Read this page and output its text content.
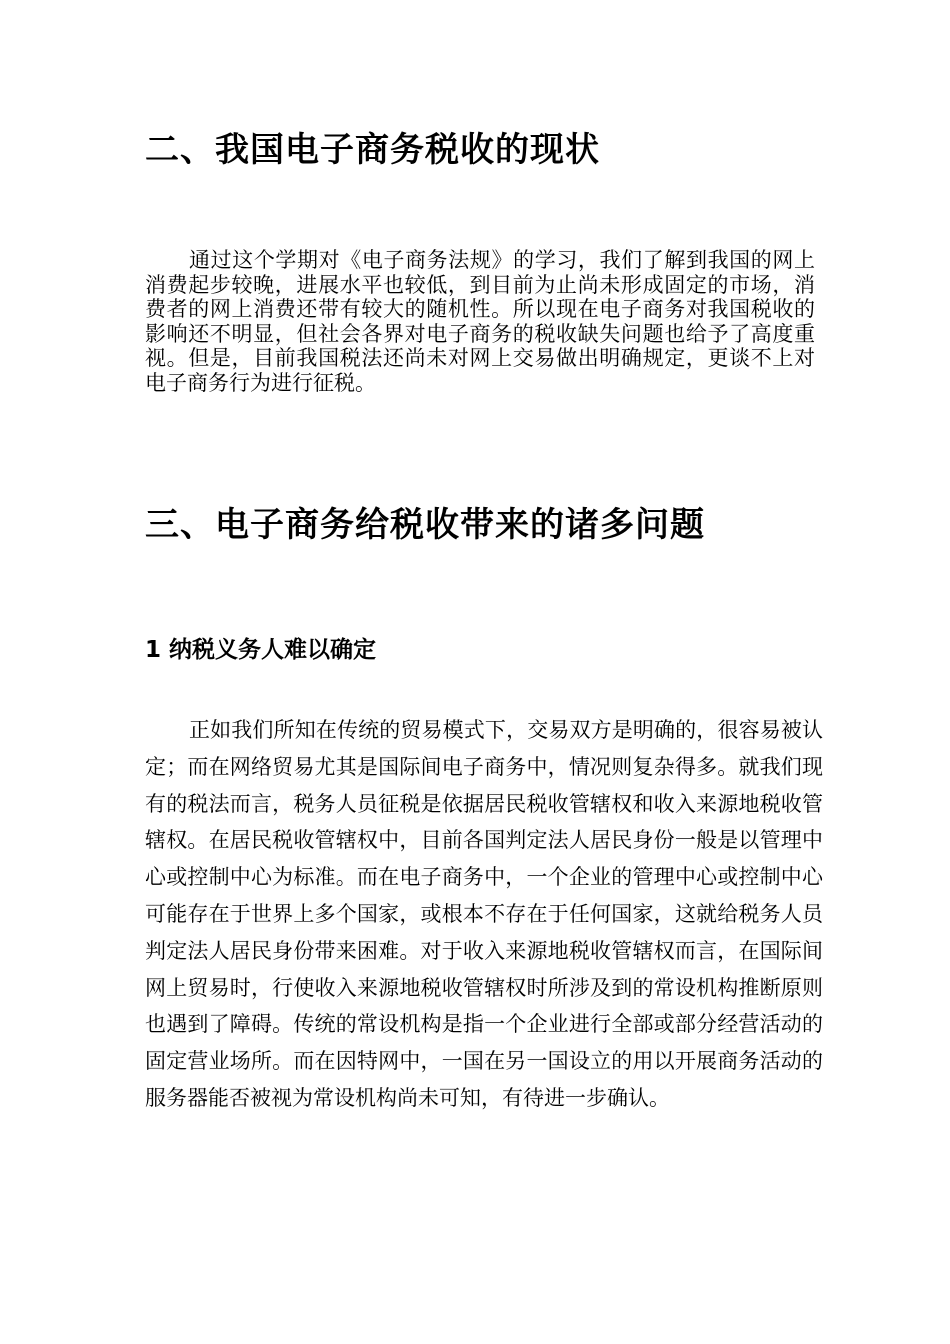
二、我国电子商务税收的现状

通过这个学期对《电子商务法规》的学习，我们了解到我国的网上消费起步较晚，进展水平也较低，到目前为止尚未形成固定的市场，消费者的网上消费还带有较大的随机性。所以现在电子商务对我国税收的影响还不明显，但社会各界对电子商务的税收缺失问题也给予了高度重视。但是，目前我国税法还尚未对网上交易做出明确规定，更谈不上对电子商务行为进行征税。

三、电子商务给税收带来的诸多问题
1 纳税义务人难以确定

正如我们所知在传统的贸易模式下，交易双方是明确的，很容易被认定；而在网络贸易尤其是国际间电子商务中，情况则复杂得多。就我们现有的税法而言，税务人员征税是依据居民税收管辖权和收入来源地税收管辖权。在居民税收管辖权中，目前各国判定法人居民身份一般是以管理中心或控制中心为标准。而在电子商务中，一个企业的管理中心或控制中心可能存在于世界上多个国家，或根本不存在于任何国家，这就给税务人员判定法人居民身份带来困难。对于收入来源地税收管辖权而言，在国际间网上贸易时，行使收入来源地税收管辖权时所涉及到的常设机构推断原则也遇到了障碍。传统的常设机构是指一个企业进行全部或部分经营活动的固定营业场所。而在因特网中，一国在另一国设立的用以开展商务活动的服务器能否被视为常设机构尚未可知，有待进一步确认。
